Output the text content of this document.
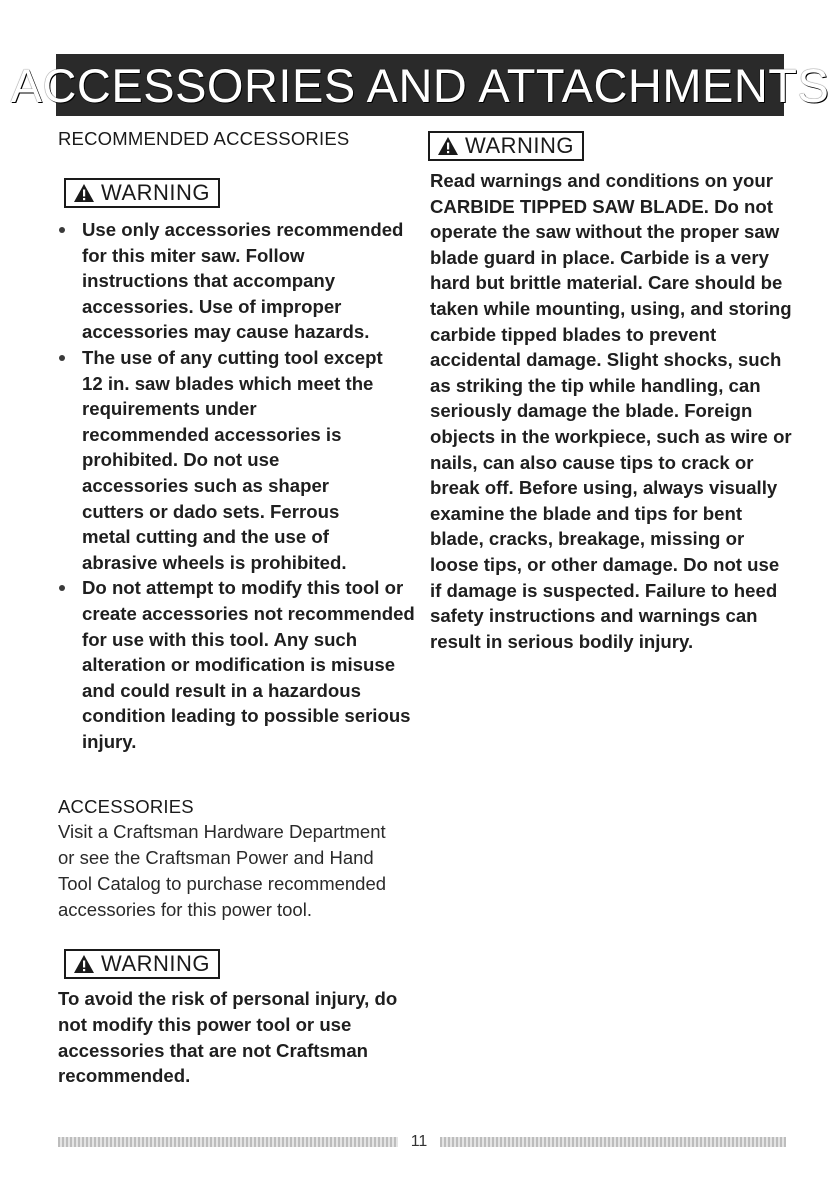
ACCESSORIES AND ATTACHMENTS
RECOMMENDED ACCESSORIES
WARNING
Use only accessories recommended for this miter saw. Follow instructions that accompany accessories. Use of improper accessories may cause hazards.
The use of any cutting tool except 12 in. saw blades which meet the requirements under recommended accessories is prohibited. Do not use accessories such as shaper cutters or dado sets. Ferrous metal cutting and the use of abrasive wheels is prohibited.
Do not attempt to modify this tool or create accessories not recommended for use with this tool. Any such alteration or modification is misuse and could result in a hazardous condition leading to possible serious injury.
ACCESSORIES
Visit a Craftsman Hardware Department or see the Craftsman Power and Hand Tool Catalog to purchase recommended accessories for this power tool.
WARNING
To avoid the risk of personal injury, do not modify this power tool or use accessories that are not Craftsman recommended.
WARNING
Read warnings and conditions on your CARBIDE TIPPED SAW BLADE. Do not operate the saw without the proper saw blade guard in place. Carbide is a very hard but brittle material. Care should be taken while mounting, using, and storing carbide tipped blades to prevent accidental damage. Slight shocks, such as striking the tip while handling, can seriously damage the blade. Foreign objects in the workpiece, such as wire or nails, can also cause tips to crack or break off. Before using, always visually examine the blade and tips for bent blade, cracks, breakage, missing or loose tips, or other damage. Do not use if damage is suspected. Failure to heed safety instructions and warnings can result in serious bodily injury.
11
